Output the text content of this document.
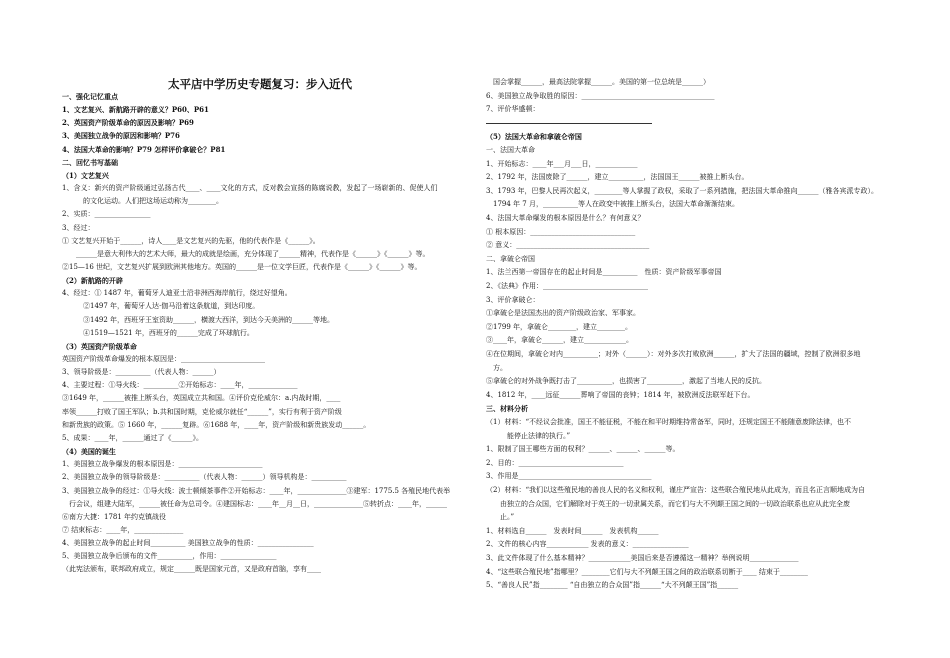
太平店中学历史专题复习：步入近代
一、强化记忆重点
1、文艺复兴、新航路开辟的意义？P60、P61
2、英国资产阶级革命的原因及影响？P69
3、美国独立战争的原因和影响？P76
4、法国大革命的影响？P79 怎样评价拿破仑？P81
二、回忆书写基础
（1）文艺复兴
1、含义：新兴的资产阶级通过弘扬古代____、____文化的方式，反对教会宣扬的陈腐说教，发起了一场崭新的、促使人们
　　　的文化运动。人们把这场运动称为________。
2、实质：________________
3、经过：
① 文艺复兴开始于______，诗人____是文艺复兴的先驱，他的代表作是《______》。
　　______是意大利伟大的艺术大师，最大的成就是绘画，充分体现了______精神，代表作是《______》《______》等。
②15—16 世纪，文艺复兴扩展到欧洲其他地方。英国的______是一位文学巨匠，代表作是《______》《______》等。
（2）新航路的开辟
4、经过：① 1487 年，葡萄牙人迪亚士沿非洲西海岸航行，绕过好望角。
　　　②1497 年，葡萄牙人达·伽马沿着这条航道，到达印度。
　　　③1492 年，西班牙王室资助______，横渡大西洋，到达今天美洲的______等地。
　　　④1519—1521 年，西班牙的______完成了环球航行。
（3）英国资产阶级革命
英国资产阶级革命爆发的根本原因是：________________________
3、领导阶级是：__________（代表人物：______）
4、主要过程：①导火线：__________②开始标志：____年，______________
③1649 年，______被推上断头台，英国成立共和国。④评价克伦威尔：a.内战时期，____
率领______打败了国王军队；b.共和国时期，克伦威尔就任“______”，实行有利于资产阶级
和新贵族的政策。⑤ 1660 年，______复辟。⑥1688 年，____年，资产阶级和新贵族发动______。
5、成果：____年，______通过了《______》。
（4）美国的诞生
1、美国独立战争爆发的根本原因是：________________________
2、美国独立战争的领导阶级是：__________（代表人物：______）领导机构是：__________
3、美国独立战争的经过：①导火线：波士顿倾茶事件②开始标志：____年，______________③建军：1775.5 各殖民地代表举
　行会议，组建大陆军，______被任命为总司令。④建国标志：____年__月__日，______________⑤转折点：____年，______
⑥南方大捷：1781 年约克镇战役
⑦ 结束标志：____年，______________
4、美国独立战争的起止时间__________ 美国独立战争的性质：________________
5、美国独立战争后颁布的文件__________，作用：________________
（此宪法颁布，联邦政府成立，规定______既是国家元首，又是政府首脑，享有____
　国会掌握______，最高法院掌握______。美国的第一位总统是______）
6、美国独立战争取胜的原因：______________________________________
7、评价华盛顿：
（5）法国大革命和拿破仑帝国
一、法国大革命
1、开始标志：____年___月___日，____________
2、1792 年，法国废除了______，建立__________，法国国王______被推上断头台。
3、1793 年，巴黎人民再次起义，________等人掌握了政权，采取了一系列措施，把法国大革命推向______（雅各宾派专政）。
　1794 年 7 月，__________等人在政变中被推上断头台，法国大革命渐渐结束。
4、法国大革命爆发的根本原因是什么？有何意义？
① 根本原因：______________________________
② 意义：______________________________________
二、拿破仑帝国
1、法兰西第一帝国存在的起止时间是__________　性质：资产阶级军事帝国
2、《法典》作用：______________________________
3、评价拿破仑：
①拿破仑是法国杰出的资产阶级政治家、军事家。
②1799 年，拿破仑________，建立________。
③____年，拿破仑______，建立____________。
④在位期间，拿破仑对内__________；对外（______）：对外多次打败欧洲______，扩大了法国的疆域，控制了欧洲很多地
　方。
⑤拿破仑的对外战争既打击了__________，也损害了__________，激起了当地人民的反抗。
4、1812 年，____远征______葬响了帝国的丧钟；1814 年，被欧洲反法联军赶下台。
三、材料分析
（1）材料：“不经议会批准，国王不能征税，不能在和平时期维持常备军，同时，还规定国王不能随意废除法律，也不
　　　能停止法律的执行。”
1、限制了国王哪些方面的权利？______、______、______等。
2、目的：______________________________
3、作用是______________________________________
（2）材料：“我们以这些殖民地的善良人民的名义和权利，谨庄严宣告：这些联合殖民地从此成为，而且名正言顺地成为自
　　由独立的合众国，它们解除对于英王的一切隶属关系，而它们与大不列颠王国之间的一切政治联系也应从此完全废
　　止。”
1、材料选自______　发表时间______　发表机构______
2、文件的核心内容____________ 发表的意义：________________
3、此文件体现了什么基本精神？____________美国后来是否遵循这一精神？举例说明______________
4、“这些联合殖民地”指哪里？________它们与大不列颠王国之间的政治联系切断于____ 结束于________
5、“善良人民”指________ “自由独立的合众国”指______“大不列颠王国”指______
